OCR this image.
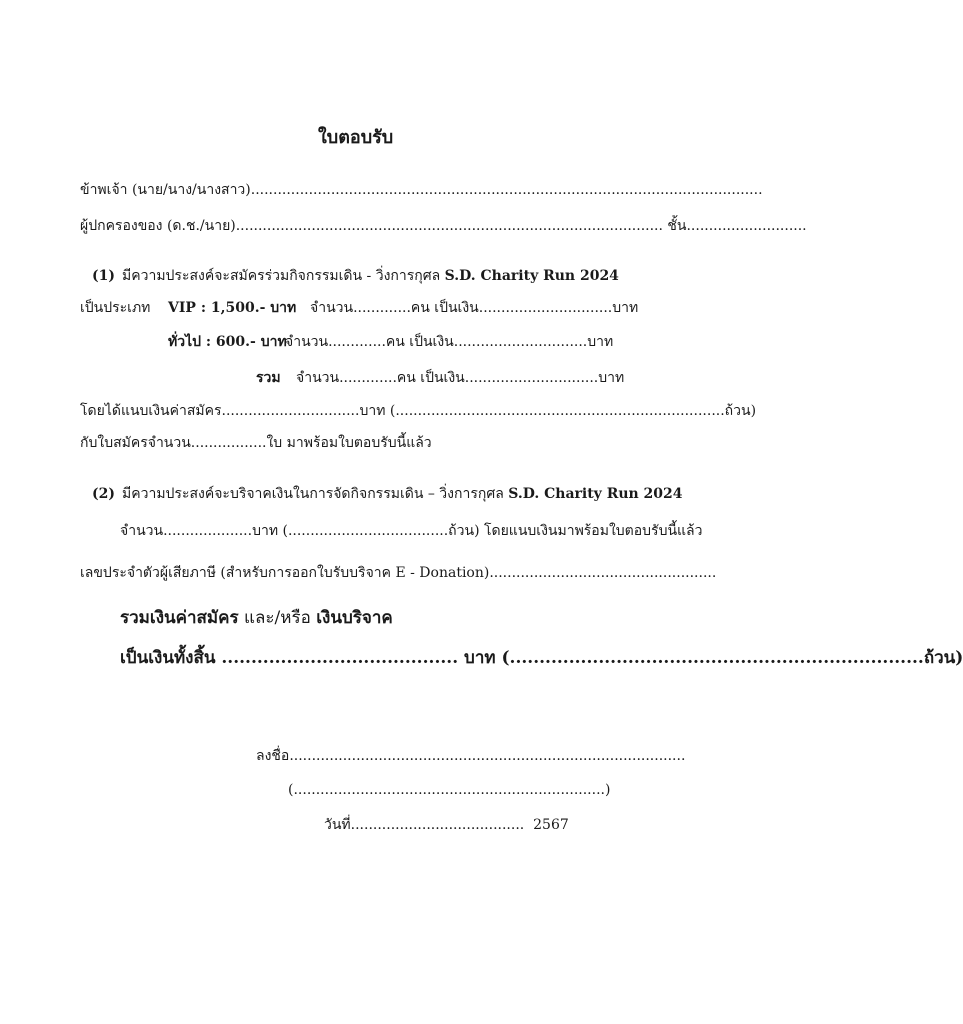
ใบตอบรับ
ข้าพเจ้า (นาย/นาง/นางสาว)...................................................................................................................
ผู้ปกครองของ (ด.ช./นาย)................................................................................................ ชั้น...........................
(1) มีความประสงค์จะสมัครร่วมกิจกรรมเดิน - วิ่งการกุศล S.D. Charity Run 2024
เป็นประเภท VIP : 1,500.- บาท จำนวน.............คน เป็นเงิน..............................บาท
ทั่วไป : 600.- บาท
จำนวน.............คน เป็นเงิน..............................บาท
รวม จำนวน.............คน เป็นเงิน..............................บาท
โดยได้แนบเงินค่าสมัคร...............................บาท (..........................................................................ถ้วน)
กับใบสมัครจำนวน.................ใบ มาพร้อมใบตอบรับนี้แล้ว
(2) มีความประสงค์จะบริจาคเงินในการจัดกิจกรรมเดิน – วิ่งการกุศล S.D. Charity Run 2024
จำนวน....................บาท (....................................ถ้วน) โดยแนบเงินมาพร้อมใบตอบรับนี้แล้ว
เลขประจำตัวผู้เสียภาษี (สำหรับการออกใบรับบริจาค E - Donation)...................................................
รวมเงินค่าสมัคร และ/หรือ เงินบริจาค
เป็นเงินทั้งสิ้น ........................................ บาท (......................................................................ถ้วน)
ลงชื่อ.........................................................................................
(......................................................................)
วันที่....................................... 2567
